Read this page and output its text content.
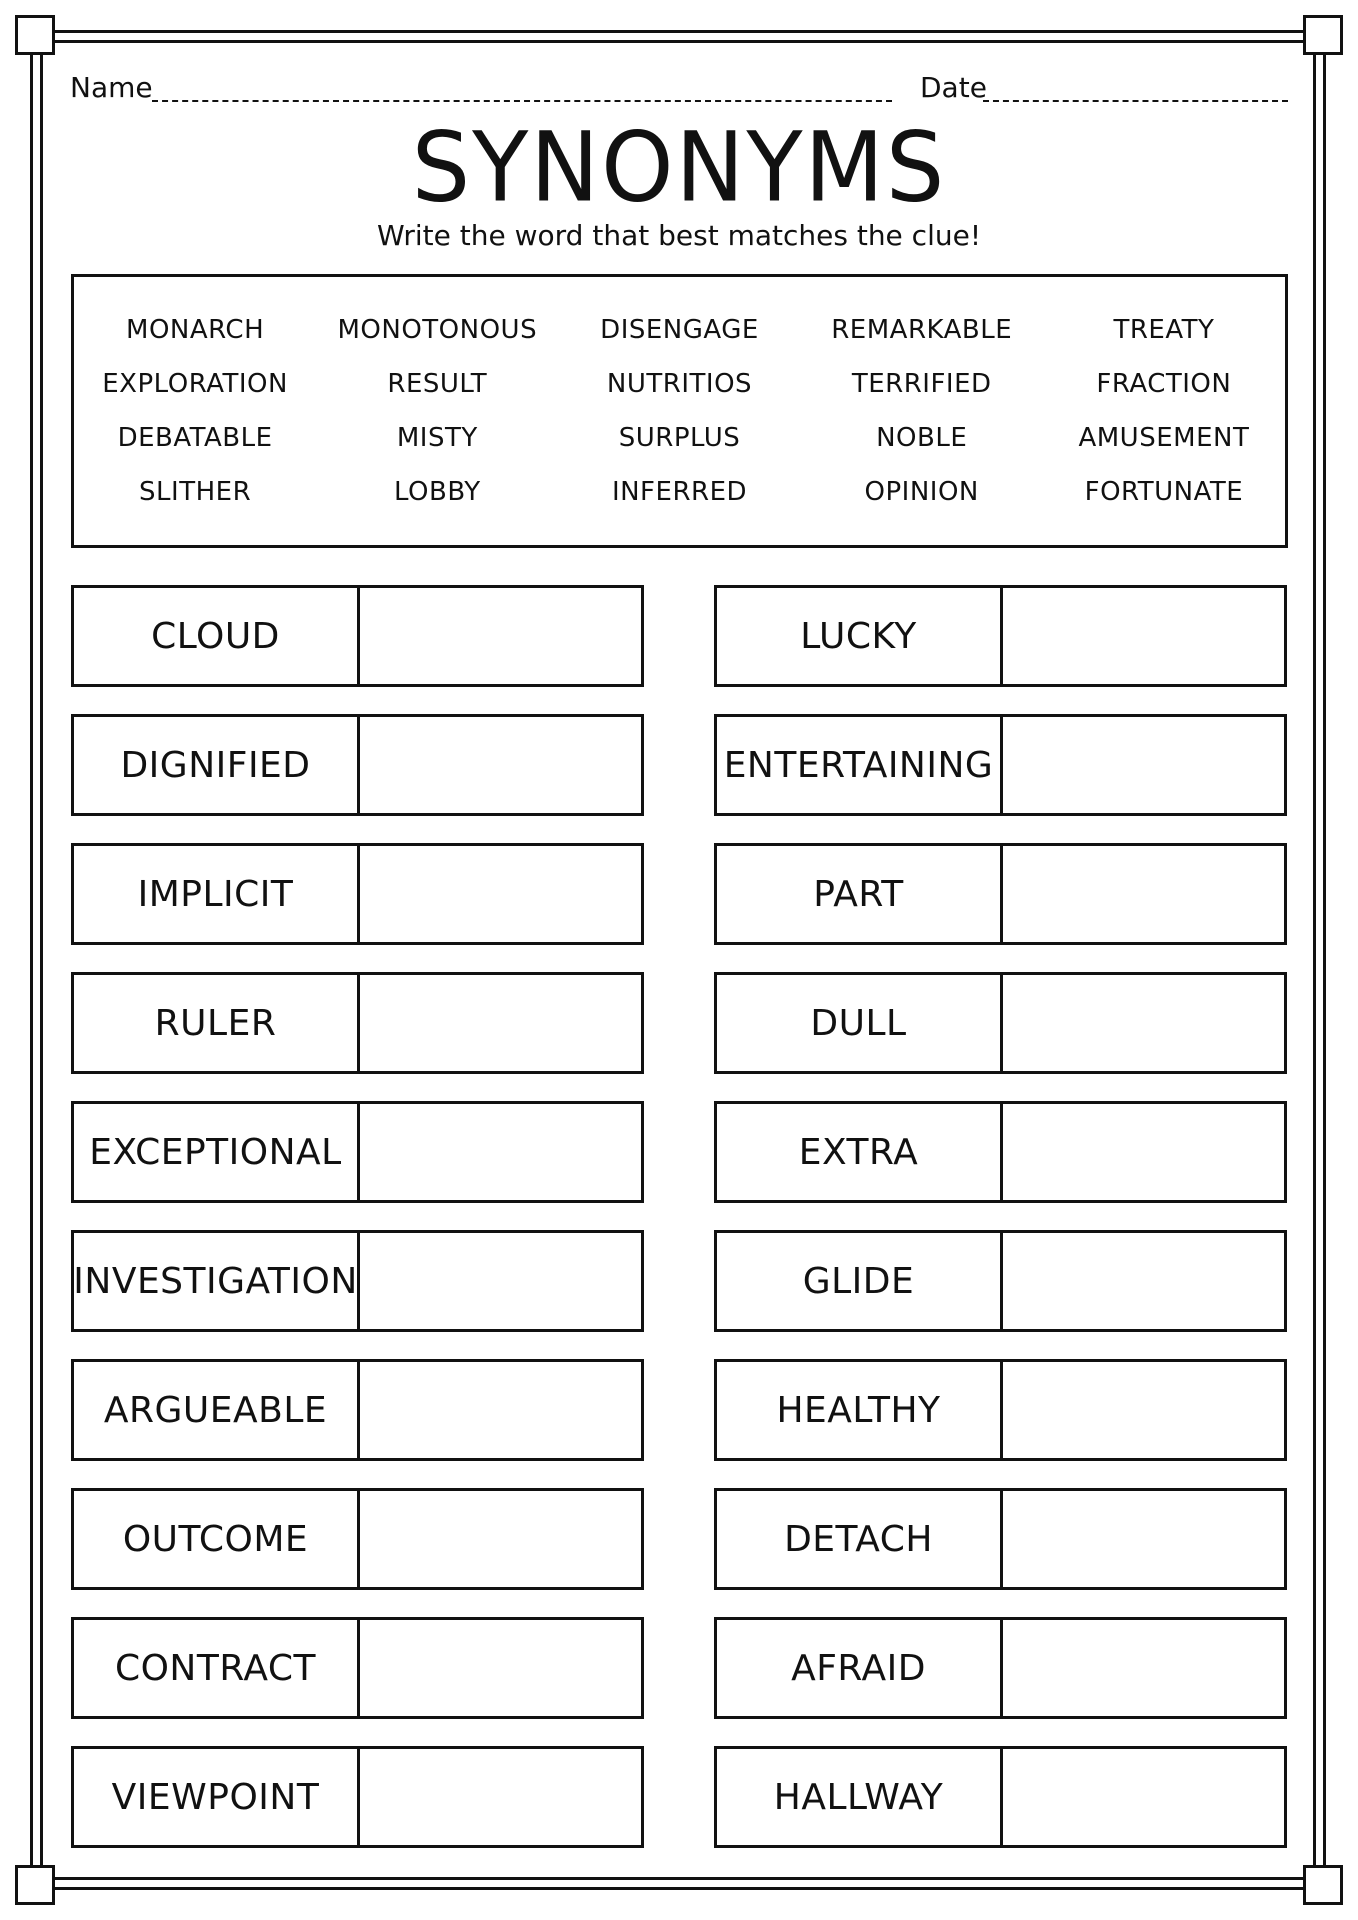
Name	Date
SYNONYMS
Write the word that best matches the clue!
MONARCH	MONOTONOUS	DISENGAGE	REMARKABLE	TREATY
EXPLORATION	RESULT	NUTRITIOS	TERRIFIED	FRACTION
DEBATABLE	MISTY	SURPLUS	NOBLE	AMUSEMENT
SLITHER	LOBBY	INFERRED	OPINION	FORTUNATE
CLOUD
DIGNIFIED
IMPLICIT
RULER
EXCEPTIONAL
INVESTIGATION
ARGUEABLE
OUTCOME
CONTRACT
VIEWPOINT
LUCKY
ENTERTAINING
PART
DULL
EXTRA
GLIDE
HEALTHY
DETACH
AFRAID
HALLWAY
